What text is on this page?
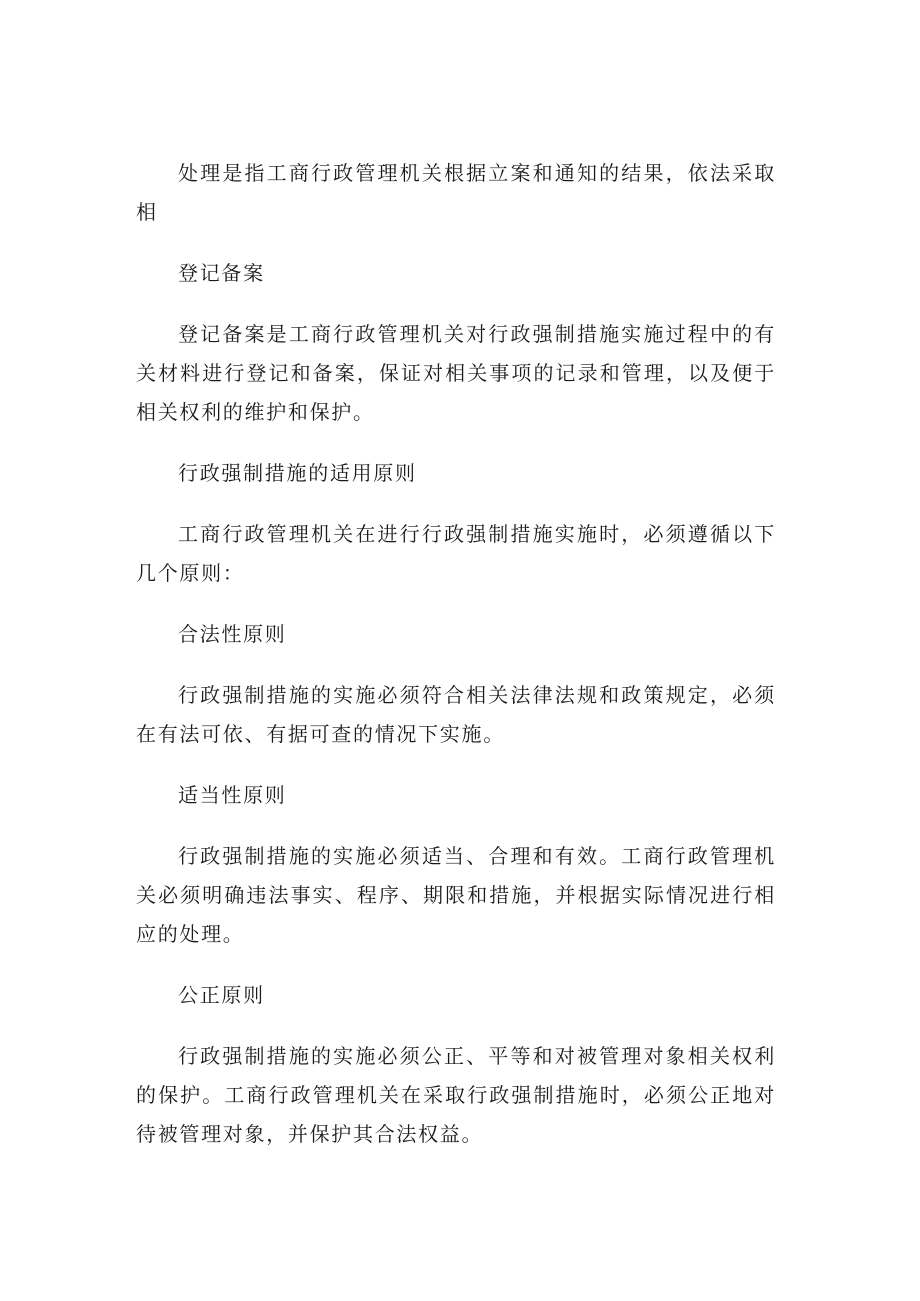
处理是指工商行政管理机关根据立案和通知的结果，依法采取相

登记备案

登记备案是工商行政管理机关对行政强制措施实施过程中的有关材料进行登记和备案，保证对相关事项的记录和管理，以及便于相关权利的维护和保护。

行政强制措施的适用原则

工商行政管理机关在进行行政强制措施实施时，必须遵循以下几个原则：

合法性原则

行政强制措施的实施必须符合相关法律法规和政策规定，必须在有法可依、有据可查的情况下实施。

适当性原则

行政强制措施的实施必须适当、合理和有效。工商行政管理机关必须明确违法事实、程序、期限和措施，并根据实际情况进行相应的处理。

公正原则

行政强制措施的实施必须公正、平等和对被管理对象相关权利的保护。工商行政管理机关在采取行政强制措施时，必须公正地对待被管理对象，并保护其合法权益。
